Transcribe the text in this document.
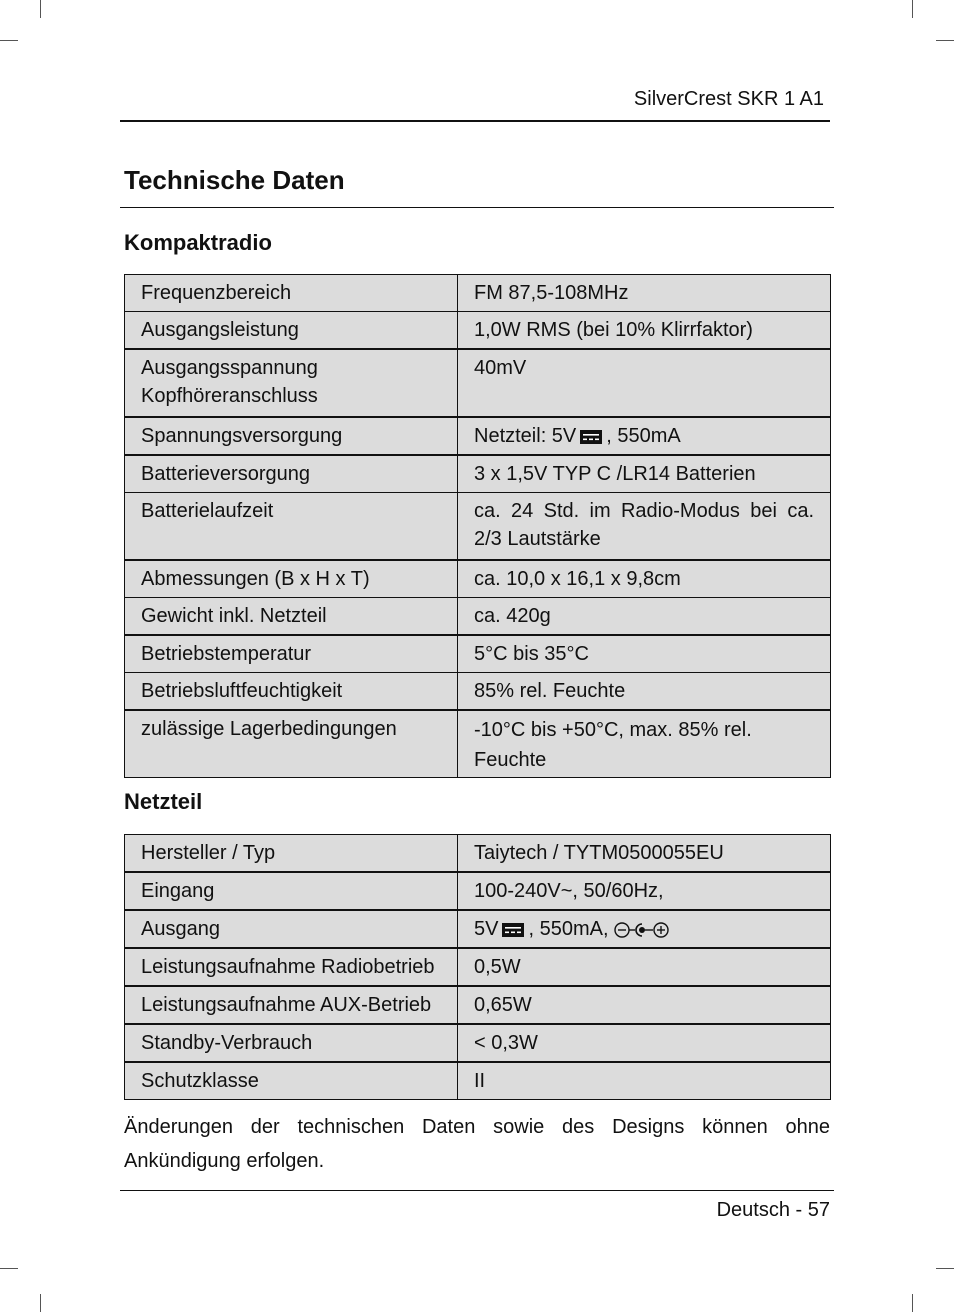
SilverCrest SKR 1 A1
Technische Daten
Kompaktradio
Frequenzbereich	FM 87,5-108MHz
Ausgangsleistung	1,0W RMS (bei 10% Klirrfaktor)
Ausgangsspannung Kopfhöreranschluss	40mV
Spannungsversorgung	Netzteil: 5V , 550mA
Batterieversorgung	3 x 1,5V TYP C /LR14 Batterien
Batterielaufzeit	ca. 24 Std. im Radio-Modus bei ca. 2/3 Lautstärke
Abmessungen (B x H x T)	ca. 10,0 x 16,1 x 9,8cm
Gewicht inkl. Netzteil	ca. 420g
Betriebstemperatur	5°C bis 35°C
Betriebsluftfeuchtigkeit	85% rel. Feuchte
zulässige Lagerbedingungen	-10°C bis +50°C, max. 85% rel. Feuchte
Netzteil
Hersteller / Typ	Taiytech / TYTM0500055EU
Eingang	100-240V~, 50/60Hz,
Ausgang	5V , 550mA,
Leistungsaufnahme Radiobetrieb	0,5W
Leistungsaufnahme AUX-Betrieb	0,65W
Standby-Verbrauch	< 0,3W
Schutzklasse	II
Änderungen der technischen Daten sowie des Designs können ohne Ankündigung erfolgen.
Deutsch - 57
